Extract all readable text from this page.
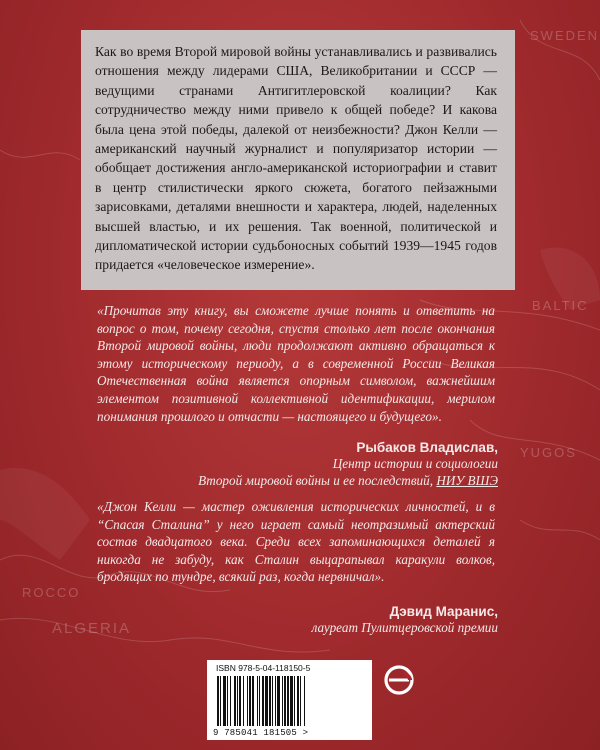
SWEDEN
BALTIC
YUGOS
ROCCO
ALGERIA

Как во время Второй мировой войны устанавливались и развивались отношения между лидерами США, Великобритании и СССР — ведущими странами Антигитлеровской коалиции? Как сотрудничество между ними привело к общей победе? И какова была цена этой победы, далекой от неизбежности? Джон Келли — американский научный журналист и популяризатор истории — обобщает достижения англо-американской историографии и ставит в центр стилистически яркого сюжета, богатого пейзажными зарисовками, деталями внешности и характера, людей, наделенных высшей властью, и их решения. Так военной, политической и дипломатической истории судьбоносных событий 1939—1945 годов придается «человеческое измерение».

«Прочитав эту книгу, вы сможете лучше понять и ответить на вопрос о том, почему сегодня, спустя столько лет после окончания Второй мировой войны, люди продолжают активно обращаться к этому историческому периоду, а в современной России Великая Отечественная война является опорным символом, важнейшим элементом позитивной коллективной идентификации, мерилом понимания прошлого и отчасти — настоящего и будущего».

Рыбаков Владислав,
Центр истории и социологии
Второй мировой войны и ее последствий, НИУ ВШЭ

«Джон Келли — мастер оживления исторических личностей, и в “Спасая Сталина” у него играет самый неотразимый актерский состав двадцатого века. Среди всех запоминающихся деталей я никогда не забуду, как Сталин выцарапывал каракули волков, бродящих по тундре, всякий раз, когда нервничал».

Дэвид Маранис,
лауреат Пулитцеровской премии
ISBN 978-5-04-118150-5
9 785041 181505 >
